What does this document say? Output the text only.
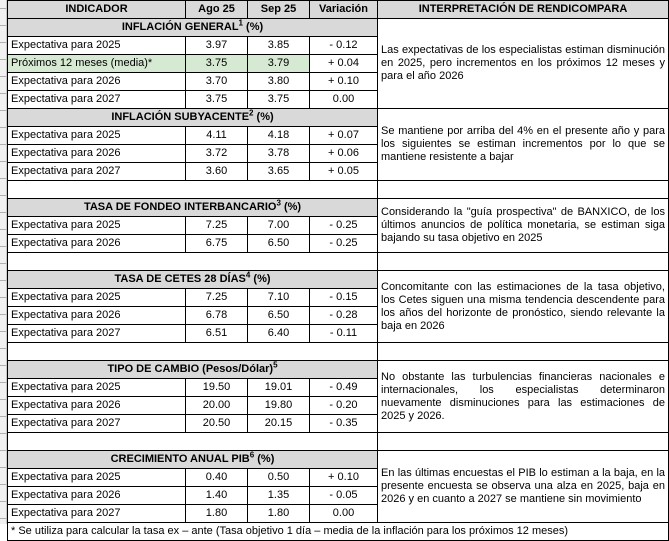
INDICADOR	Ago 25	Sep 25	Variación	INTERPRETACIÓN DE RENDICOMPARA
INFLACIÓN GENERAL$^1$ (%)				Las expectativas de los especialistas estiman disminución en 2025, pero incrementos en los próximos 12 meses y para el año 2026

Expectativa para 2025	3.97	3.85	- 0.12	
Próximos 12 meses (media)*	3.75	3.79	+ 0.04	
Expectativa para 2026	3.70	3.80	+ 0.10	
Expectativa para 2027	3.75	3.75	0.00	
INFLACIÓN SUBYACENTE$^2$ (%)				Se mantiene por arriba del 4% en el presente año y para los siguientes se estiman incrementos por lo que se mantiene resistente a bajar

Expectativa para 2025	4.11	4.18	+ 0.07	
Expectativa para 2026	3.72	3.78	+ 0.06	
Expectativa para 2027	3.60	3.65	+ 0.05	

TASA DE FONDEO INTERBANCARIO$^3$ (%)				Considerando la "guía prospectiva" de BANXICO, de los últimos anuncios de política monetaria, se estiman siga bajando su tasa objetivo en 2025

Expectativa para 2025	7.25	7.00	- 0.25	
Expectativa para 2026	6.75	6.50	- 0.25	

TASA DE CETES 28 DÍAS$^4$ (%)				Concomitante con las estimaciones de la tasa objetivo, los Cetes siguen una misma tendencia descendente para los años del horizonte de pronóstico, siendo relevante la baja en 2026

Expectativa para 2025	7.25	7.10	- 0.15	
Expectativa para 2026	6.78	6.50	- 0.28	
Expectativa para 2027	6.51	6.40	- 0.11	

TIPO DE CAMBIO (Pesos/Dólar)$^5$				No obstante las turbulencias financieras nacionales e internacionales, los especialistas determinaron nuevamente disminuciones para las estimaciones de 2025 y 2026.

Expectativa para 2025	19.50	19.01	- 0.49	
Expectativa para 2026	20.00	19.80	- 0.20	
Expectativa para 2027	20.50	20.15	- 0.35	

CRECIMIENTO ANUAL PIB$^6$ (%)				En las últimas encuestas el PIB lo estiman a la baja, en la presente encuesta se observa una alza en 2025, baja en 2026 y en cuanto a 2027 se mantiene sin movimiento

Expectativa para 2025	0.40	0.50	+ 0.10	
Expectativa para 2026	1.40	1.35	- 0.05	
Expectativa para 2027	1.80	1.80	0.00	
* Se utiliza para calcular la tasa ex – ante (Tasa objetivo 1 día – media de la inflación para los próximos 12 meses)				
